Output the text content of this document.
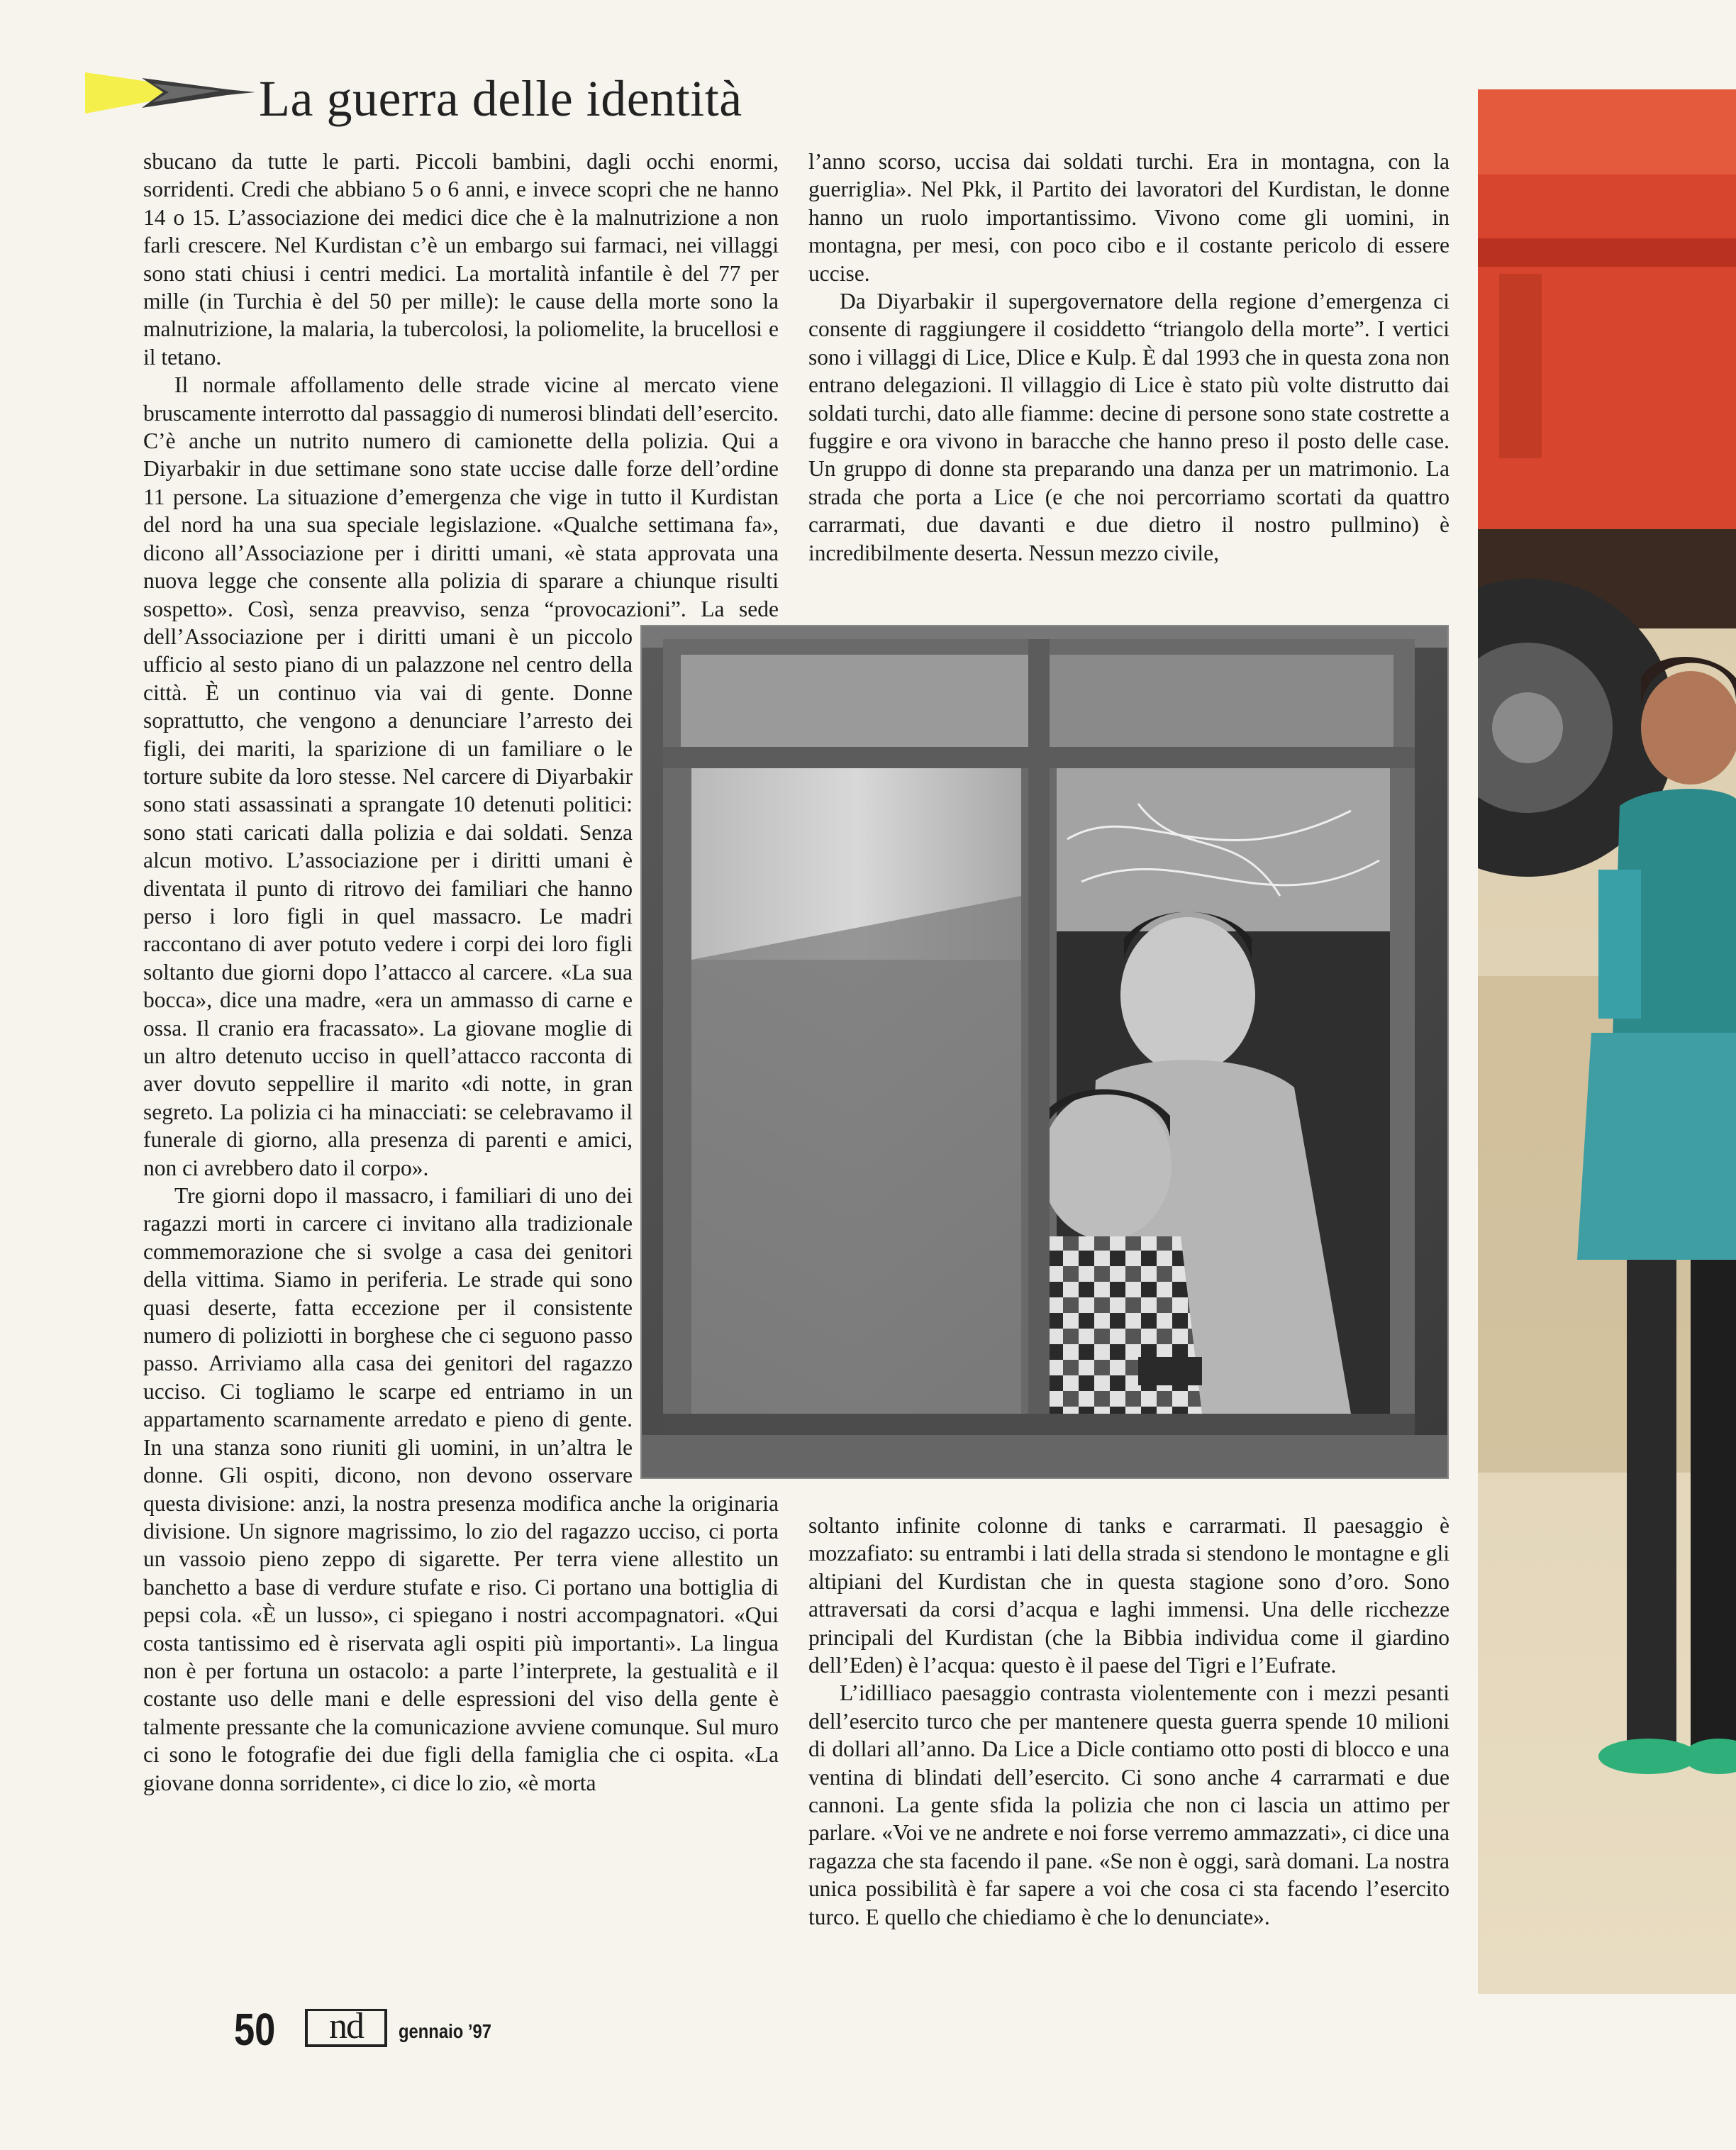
La guerra delle identità

sbucano da tutte le parti. Piccoli bambini, dagli occhi enormi, sorridenti. Credi che abbiano 5 o 6 anni, e invece scopri che ne hanno 14 o 15. L’associazione dei medici dice che è la malnutrizione a non farli crescere. Nel Kurdistan c’è un embargo sui farmaci, nei villaggi sono stati chiusi i centri medici. La mortalità infantile è del 77 per mille (in Turchia è del 50 per mille): le cause della morte sono la malnutrizione, la malaria, la tubercolosi, la poliomelite, la brucellosi e il tetano.

Il normale affollamento delle strade vicine al mercato viene bruscamente interrotto dal passaggio di numerosi blindati dell’esercito. C’è anche un nutrito numero di camionette della polizia. Qui a Diyarbakir in due settimane sono state uccise dalle forze dell’ordine 11 persone. La situazione d’emergenza che vige in tutto il Kurdistan del nord ha una sua speciale legislazione. «Qualche settimana fa», dicono all’Associazione per i diritti umani, «è stata approvata una nuova legge che consente alla polizia di sparare a chiunque risulti sospetto». Così, senza preavviso, senza “provocazioni”. La sede dell’Associazione per i diritti umani è un piccolo ufficio al sesto piano di un palazzone nel centro della città. È un continuo via vai di gente. Donne soprattutto, che vengono a denunciare l’arresto dei figli, dei mariti, la sparizione di un familiare o le torture subite da loro stesse. Nel carcere di Diyarbakir sono stati assassinati a sprangate 10 detenuti politici: sono stati caricati dalla polizia e dai soldati. Senza alcun motivo. L’associazione per i diritti umani è diventata il punto di ritrovo dei familiari che hanno perso i loro figli in quel massacro. Le madri raccontano di aver potuto vedere i corpi dei loro figli soltanto due giorni dopo l’attacco al carcere. «La sua bocca», dice una madre, «era un ammasso di carne e ossa. Il cranio era fracassato». La giovane moglie di un altro detenuto ucciso in quell’attacco racconta di aver dovuto seppellire il marito «di notte, in gran segreto. La polizia ci ha minacciati: se celebravamo il funerale di giorno, alla presenza di parenti e amici, non ci avrebbero dato il corpo».

Tre giorni dopo il massacro, i familiari di uno dei ragazzi morti in carcere ci invitano alla tradizionale commemorazione che si svolge a casa dei genitori della vittima. Siamo in periferia. Le strade qui sono quasi deserte, fatta eccezione per il consistente numero di poliziotti in borghese che ci seguono passo passo. Arriviamo alla casa dei genitori del ragazzo ucciso. Ci togliamo le scarpe ed entriamo in un appartamento scarnamente arredato e pieno di gente. In una stanza sono riuniti gli uomini, in un’altra le donne. Gli ospiti, dicono, non devono osservare questa divisione: anzi, la nostra presenza modifica anche la originaria divisione. Un signore magrissimo, lo zio del ragazzo ucciso, ci porta un vassoio pieno zeppo di sigarette. Per terra viene allestito un banchetto a base di verdure stufate e riso. Ci portano una bottiglia di pepsi cola. «È un lusso», ci spiegano i nostri accompagnatori. «Qui costa tantissimo ed è riservata agli ospiti più importanti». La lingua non è per fortuna un ostacolo: a parte l’interprete, la gestualità e il costante uso delle mani e delle espressioni del viso della gente è talmente pressante che la comunicazione avviene comunque. Sul muro ci sono le fotografie dei due figli della famiglia che ci ospita. «La giovane donna sorridente», ci dice lo zio, «è morta

l’anno scorso, uccisa dai soldati turchi. Era in montagna, con la guerriglia». Nel Pkk, il Partito dei lavoratori del Kurdistan, le donne hanno un ruolo importantissimo. Vivono come gli uomini, in montagna, per mesi, con poco cibo e il costante pericolo di essere uccise.

Da Diyarbakir il supergovernatore della regione d’emergenza ci consente di raggiungere il cosiddetto “triangolo della morte”. I vertici sono i villaggi di Lice, Dlice e Kulp. È dal 1993 che in questa zona non entrano delegazioni. Il villaggio di Lice è stato più volte distrutto dai soldati turchi, dato alle fiamme: decine di persone sono state costrette a fuggire e ora vivono in baracche che hanno preso il posto delle case. Un gruppo di donne sta preparando una danza per un matrimonio. La strada che porta a Lice (e che noi percorriamo scortati da quattro carrarmati, due davanti e due dietro il nostro pullmino) è incredibilmente deserta. Nessun mezzo civile,

soltanto infinite colonne di tanks e carrarmati. Il paesaggio è mozzafiato: su entrambi i lati della strada si stendono le montagne e gli altipiani del Kurdistan che in questa stagione sono d’oro. Sono attraversati da corsi d’acqua e laghi immensi. Una delle ricchezze principali del Kurdistan (che la Bibbia individua come il giardino dell’Eden) è l’acqua: questo è il paese del Tigri e l’Eufrate.

L’idilliaco paesaggio contrasta violentemente con i mezzi pesanti dell’esercito turco che per mantenere questa guerra spende 10 milioni di dollari all’anno. Da Lice a Dicle contiamo otto posti di blocco e una ventina di blindati dell’esercito. Ci sono anche 4 carrarmati e due cannoni. La gente sfida la polizia che non ci lascia un attimo per parlare. «Voi ve ne andrete e noi forse verremo ammazzati», ci dice una ragazza che sta facendo il pane. «Se non è oggi, sarà domani. La nostra unica possibilità è far sapere a voi che cosa ci sta facendo l’esercito turco. E quello che chiediamo è che lo denunciate».

50	nd	gennaio ’97
